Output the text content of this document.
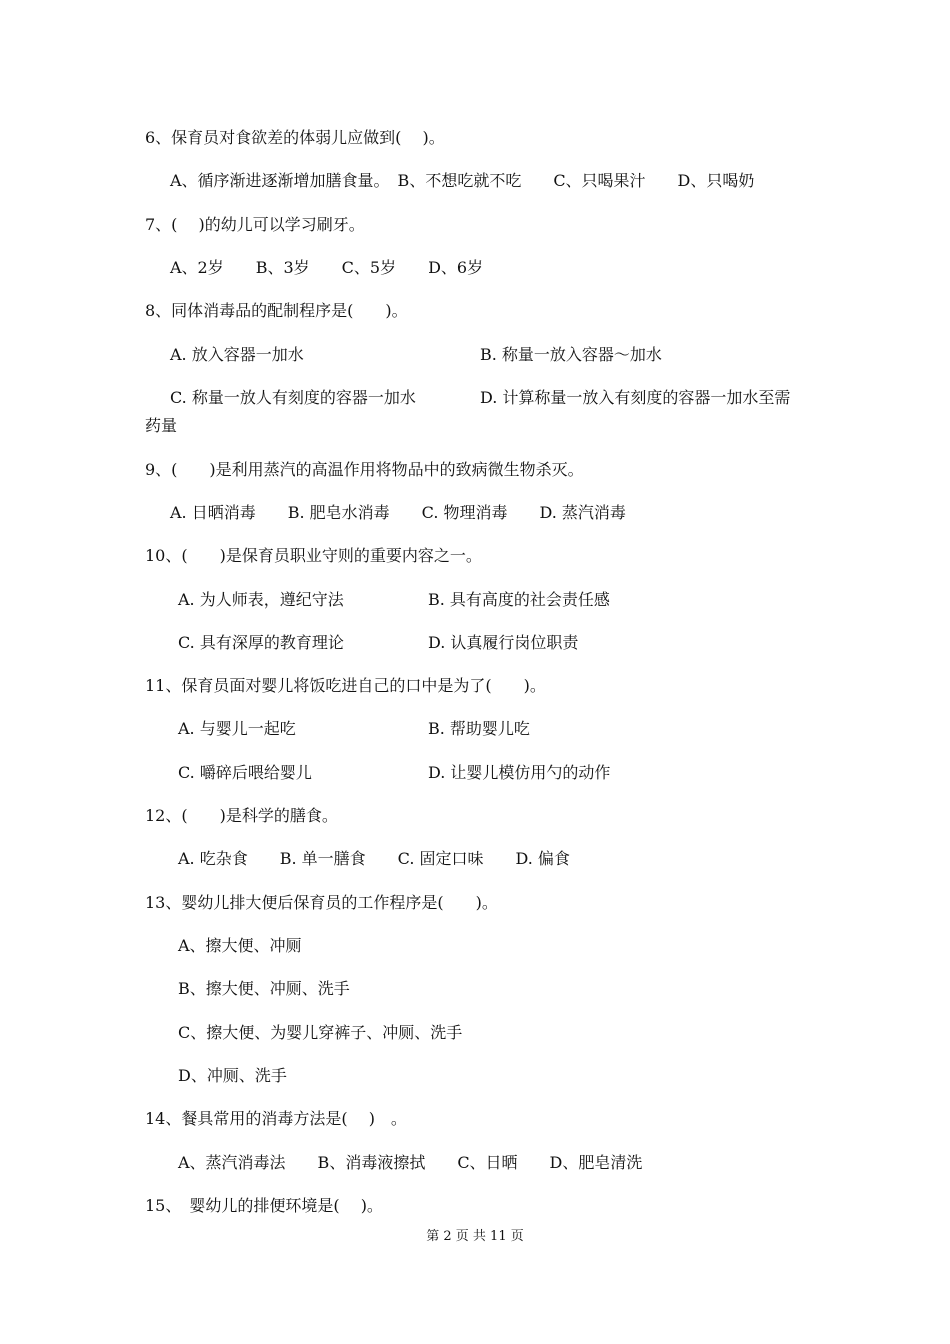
6、保育员对食欲差的体弱儿应做到(　 )。
A、循序渐进逐渐增加膳食量。　B、不想吃就不吃　　C、只喝果汁　　D、只喝奶
7、(　 )的幼儿可以学习刷牙。
A、2岁　　B、3岁　　C、5岁　　D、6岁
8、同体消毒品的配制程序是(　　)。
A. 放入容器一加水	B. 称量一放入容器～加水
C. 称量一放人有刻度的容器一加水	D. 计算称量一放入有刻度的容器一加水至需
药量
9、(　　)是利用蒸汽的高温作用将物品中的致病微生物杀灭。
A. 日晒消毒　　B. 肥皂水消毒　　C. 物理消毒　　D. 蒸汽消毒
10、(　　)是保育员职业守则的重要内容之一。
A. 为人师表，遵纪守法	B. 具有高度的社会责任感
C. 具有深厚的教育理论	D. 认真履行岗位职责
11、保育员面对婴儿将饭吃进自己的口中是为了(　　)。
A. 与婴儿一起吃	B. 帮助婴儿吃
C. 嚼碎后喂给婴儿	D. 让婴儿模仿用勺的动作
12、(　　)是科学的膳食。
A. 吃杂食　　B. 单一膳食　　C. 固定口味　　D. 偏食
13、婴幼儿排大便后保育员的工作程序是(　　)。
A、擦大便、冲厕
B、擦大便、冲厕、洗手
C、擦大便、为婴儿穿裤子、冲厕、洗手
D、冲厕、洗手
14、餐具常用的消毒方法是(　 )　。
A、蒸汽消毒法　　B、消毒液擦拭　　C、日晒　　D、肥皂清洗
15、　婴幼儿的排便环境是(　 )。
第 2 页 共 11 页
